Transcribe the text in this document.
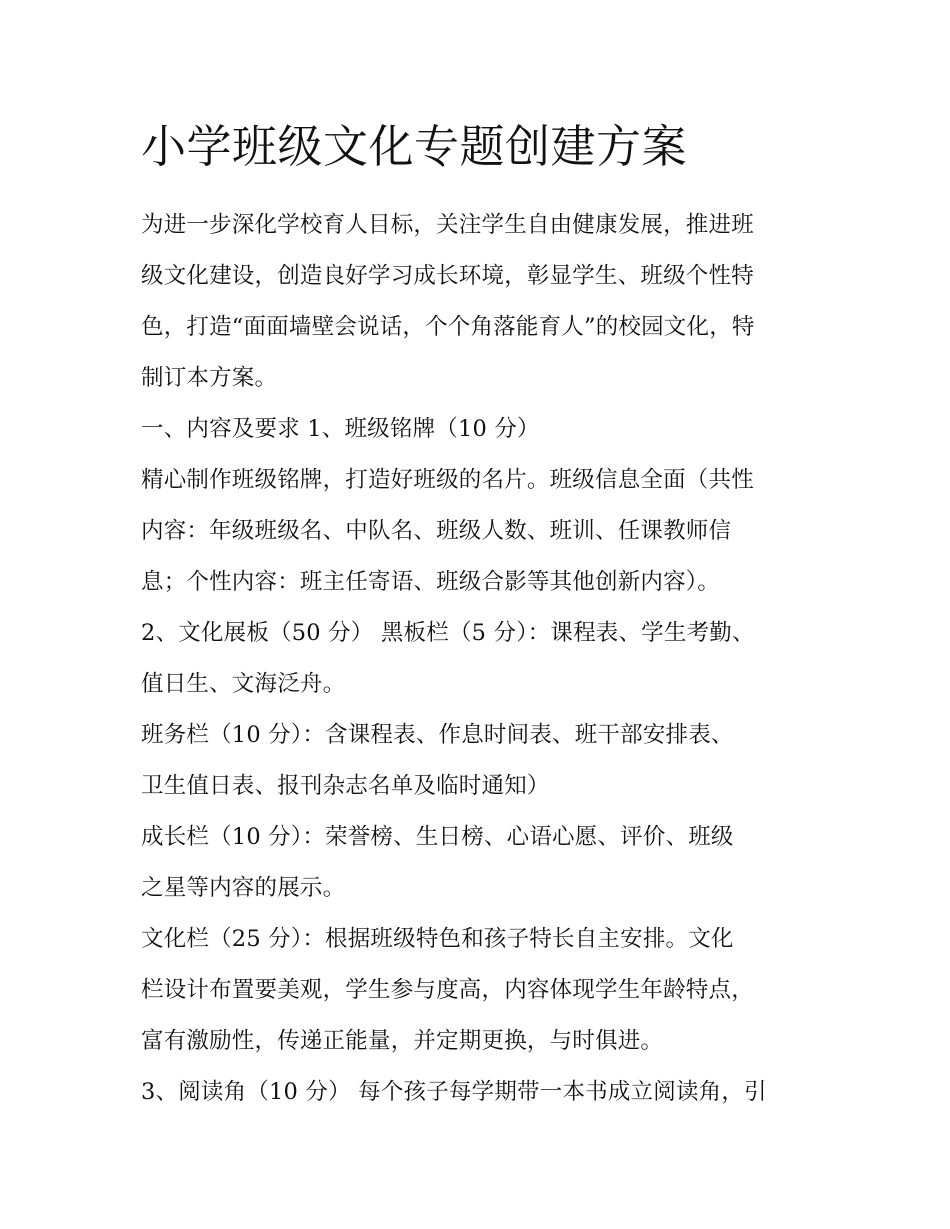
小学班级文化专题创建方案
为进一步深化学校育人目标，关注学生自由健康发展，推进班
级文化建设，创造良好学习成长环境，彰显学生、班级个性特
色，打造“面面墙壁会说话，个个角落能育人”的校园文化，特
制订本方案。
一、内容及要求 1、班级铭牌（10 分）
精心制作班级铭牌，打造好班级的名片。班级信息全面（共性
内容：年级班级名、中队名、班级人数、班训、任课教师信
息；个性内容：班主任寄语、班级合影等其他创新内容）。
2、文化展板（50 分） 黑板栏（5 分）：课程表、学生考勤、
值日生、文海泛舟。
班务栏（10 分）：含课程表、作息时间表、班干部安排表、
卫生值日表、报刊杂志名单及临时通知）
成长栏（10 分）：荣誉榜、生日榜、心语心愿、评价、班级
之星等内容的展示。
文化栏（25 分）：根据班级特色和孩子特长自主安排。文化
栏设计布置要美观，学生参与度高，内容体现学生年龄特点，
富有激励性，传递正能量，并定期更换，与时俱进。
3、阅读角（10 分） 每个孩子每学期带一本书成立阅读角，引
